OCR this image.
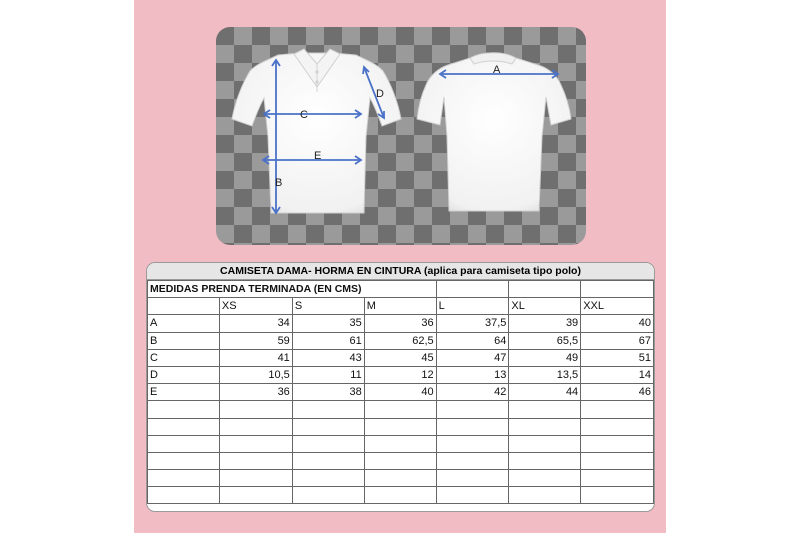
C
B
E
D
A
CAMISETA DAMA- HORMA EN CINTURA (aplica para camiseta tipo polo)
MEDIDAS PRENDA TERMINADA (EN CMS)						
	XS	S	M	L	XL	XXL
A	34	35	36	37,5	39	40
B	59	61	62,5	64	65,5	67
C	41	43	45	47	49	51
D	10,5	11	12	13	13,5	14
E	36	38	40	42	44	46
